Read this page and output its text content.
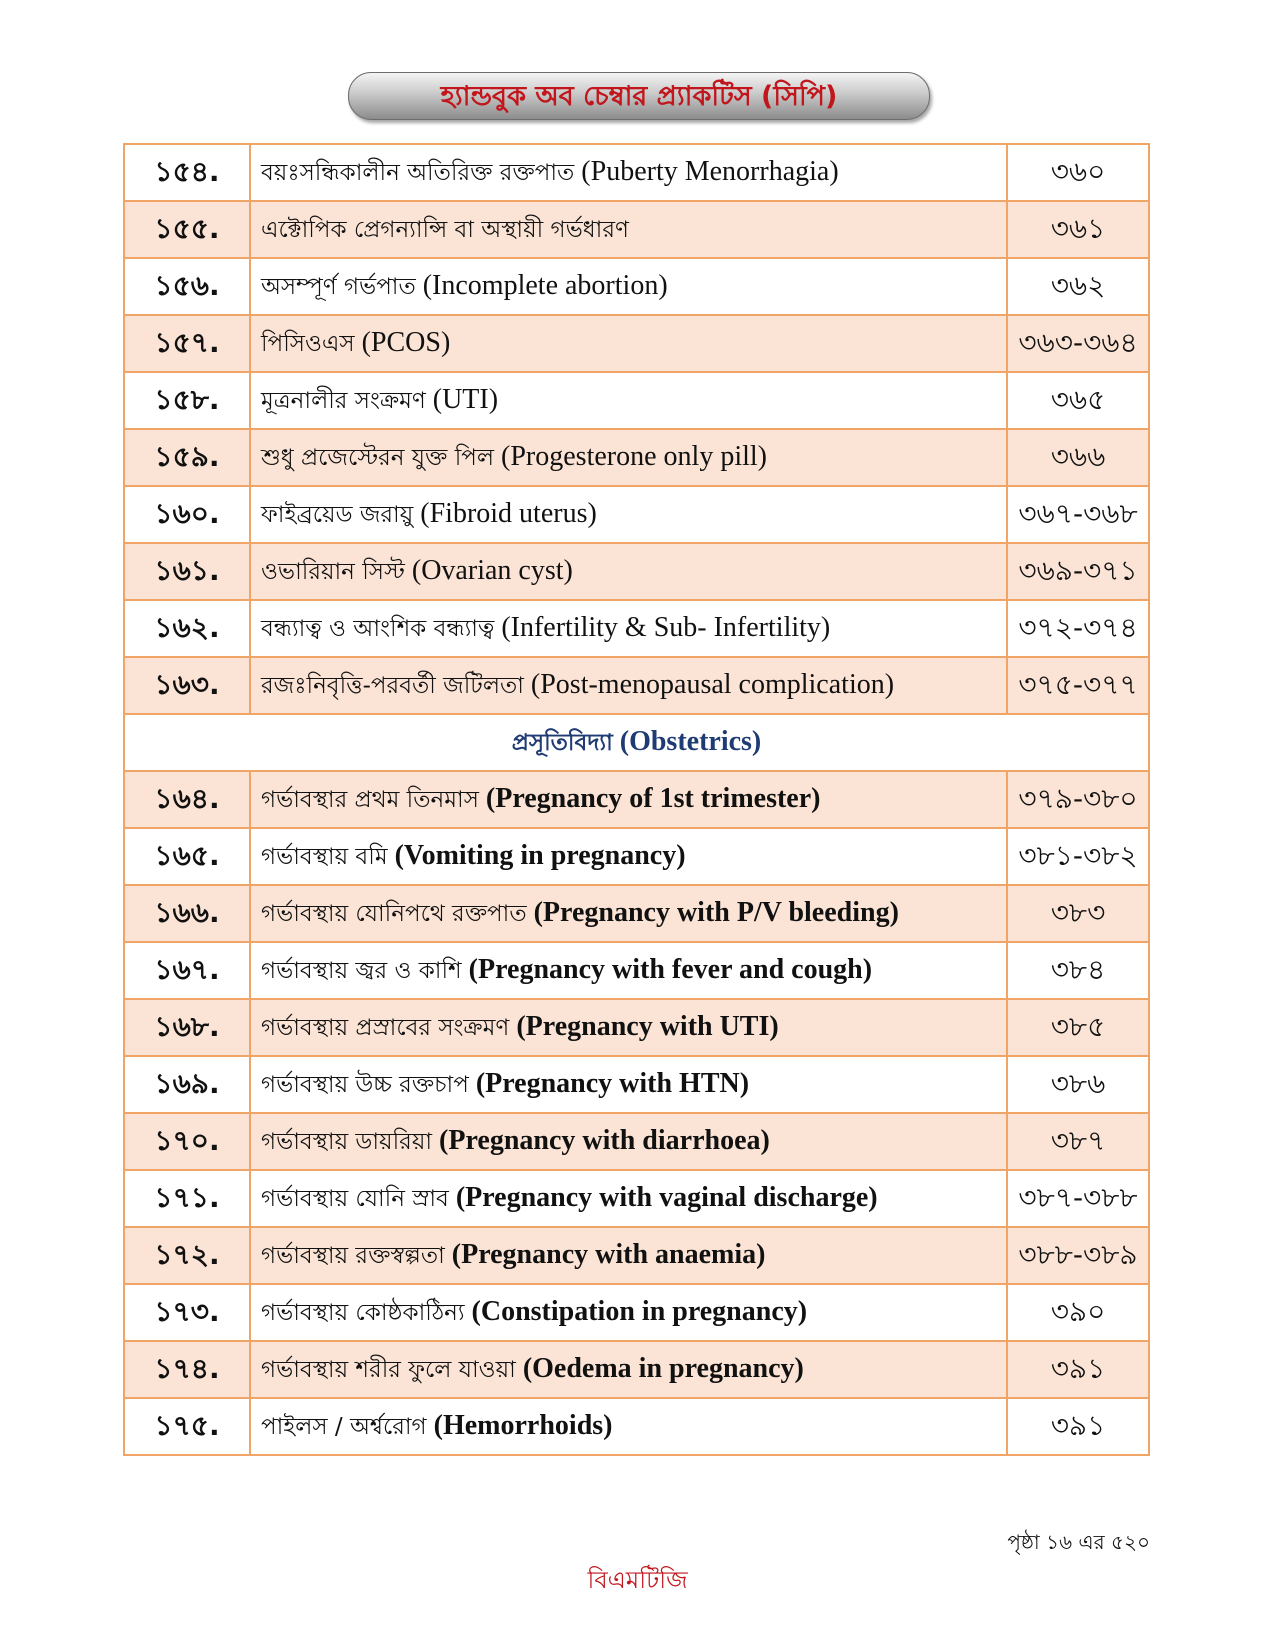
হ্যান্ডবুক অব চেম্বার প্র্যাকটিস (সিপি)
১৫৪.	বয়ঃসন্ধিকালীন অতিরিক্ত রক্তপাত (Puberty Menorrhagia)	৩৬০
১৫৫.	এক্টোপিক প্রেগন্যান্সি বা অস্থায়ী গর্ভধারণ	৩৬১
১৫৬.	অসম্পূর্ণ গর্ভপাত (Incomplete abortion)	৩৬২
১৫৭.	পিসিওএস (PCOS)	৩৬৩-৩৬৪
১৫৮.	মূত্রনালীর সংক্রমণ (UTI)	৩৬৫
১৫৯.	শুধু প্রজেস্টেরন যুক্ত পিল (Progesterone only pill)	৩৬৬
১৬০.	ফাইব্রয়েড জরায়ু (Fibroid uterus)	৩৬৭-৩৬৮
১৬১.	ওভারিয়ান সিস্ট (Ovarian cyst)	৩৬৯-৩৭১
১৬২.	বন্ধ্যাত্ব ও আংশিক বন্ধ্যাত্ব (Infertility & Sub- Infertility)	৩৭২-৩৭৪
১৬৩.	রজঃনিবৃত্তি-পরবর্তী জটিলতা (Post-menopausal complication)	৩৭৫-৩৭৭
প্রসূতিবিদ্যা (Obstetrics)		
১৬৪.	গর্ভাবস্থার প্রথম তিনমাস (Pregnancy of 1st trimester)	৩৭৯-৩৮০
১৬৫.	গর্ভাবস্থায় বমি (Vomiting in pregnancy)	৩৮১-৩৮২
১৬৬.	গর্ভাবস্থায় যোনিপথে রক্তপাত (Pregnancy with P/V bleeding)	৩৮৩
১৬৭.	গর্ভাবস্থায় জ্বর ও কাশি (Pregnancy with fever and cough)	৩৮৪
১৬৮.	গর্ভাবস্থায় প্রস্রাবের সংক্রমণ (Pregnancy with UTI)	৩৮৫
১৬৯.	গর্ভাবস্থায় উচ্চ রক্তচাপ (Pregnancy with HTN)	৩৮৬
১৭০.	গর্ভাবস্থায় ডায়রিয়া (Pregnancy with diarrhoea)	৩৮৭
১৭১.	গর্ভাবস্থায় যোনি স্রাব (Pregnancy with vaginal discharge)	৩৮৭-৩৮৮
১৭২.	গর্ভাবস্থায় রক্তস্বল্পতা (Pregnancy with anaemia)	৩৮৮-৩৮৯
১৭৩.	গর্ভাবস্থায় কোষ্ঠকাঠিন্য (Constipation in pregnancy)	৩৯০
১৭৪.	গর্ভাবস্থায় শরীর ফুলে যাওয়া (Oedema in pregnancy)	৩৯১
১৭৫.	পাইলস / অর্শ্বরোগ (Hemorrhoids)	৩৯১
পৃষ্ঠা ১৬ এর ৫২০
বিএমটিজি
